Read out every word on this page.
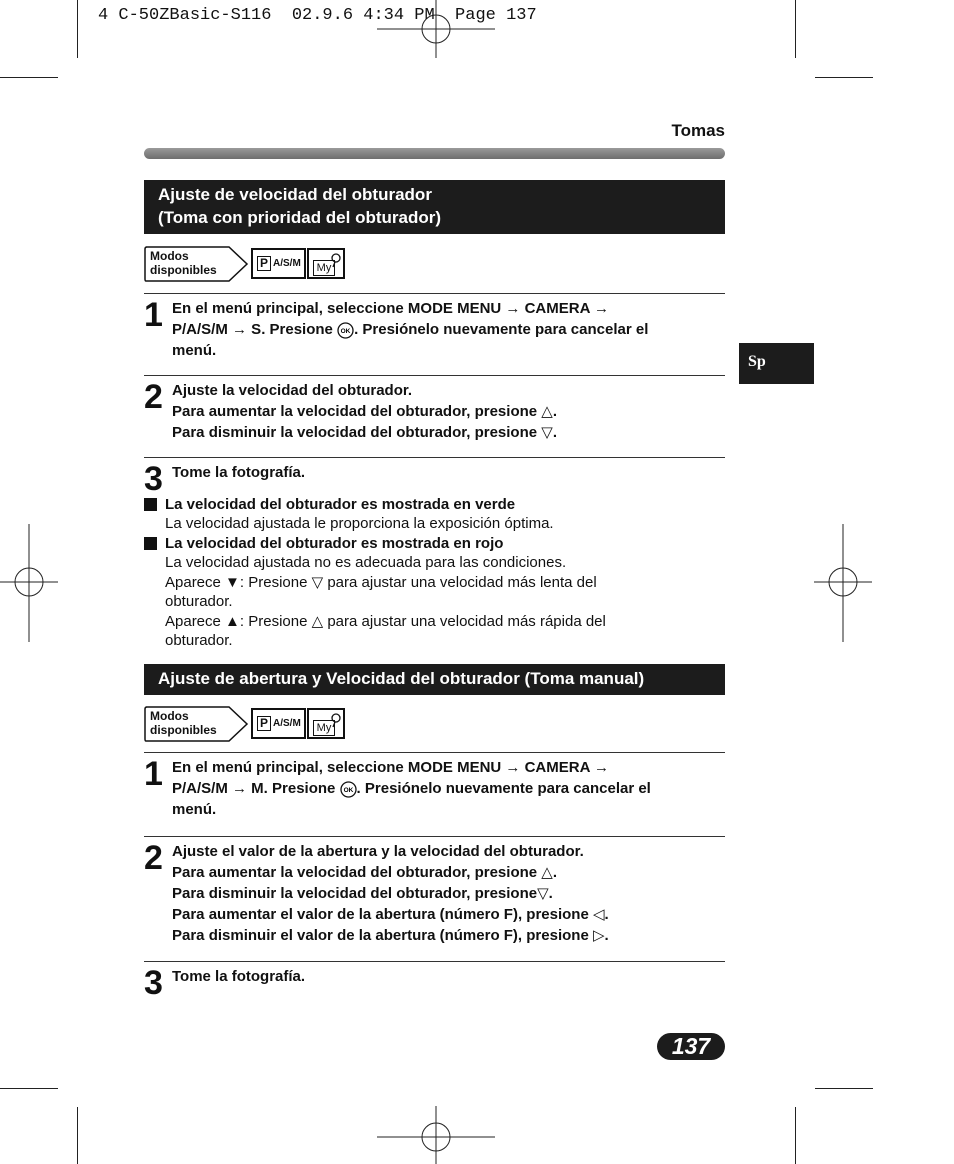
4 C-50ZBasic-S116  02.9.6 4:34 PM  Page 137
Tomas
Sp
Ajuste de velocidad del obturador
(Toma con prioridad del obturador)
Modos
disponibles	P A/S/M	My
1 En el menú principal, seleccione MODE MENU → CAMERA →
P/A/S/M → S. Presione OK . Presiónelo nuevamente para cancelar el
menú.
2 Ajuste la velocidad del obturador.
Para aumentar la velocidad del obturador, presione △.
Para disminuir la velocidad del obturador, presione ▽.
3 Tome la fotografía.
La velocidad del obturador es mostrada en verde
La velocidad ajustada le proporciona la exposición óptima.
La velocidad del obturador es mostrada en rojo
La velocidad ajustada no es adecuada para las condiciones.
Aparece ▼: Presione ▽ para ajustar una velocidad más lenta del
obturador.
Aparece ▲: Presione △ para ajustar una velocidad más rápida del
obturador.
Ajuste de abertura y Velocidad del obturador (Toma manual)
Modos
disponibles	P A/S/M	My
1 En el menú principal, seleccione MODE MENU → CAMERA →
P/A/S/M → M. Presione OK . Presiónelo nuevamente para cancelar el
menú.
2 Ajuste el valor de la abertura y la velocidad del obturador.
Para aumentar la velocidad del obturador, presione △.
Para disminuir la velocidad del obturador, presione▽.
Para aumentar el valor de la abertura (número F), presione ◁.
Para disminuir el valor de la abertura (número F), presione ▷.
3 Tome la fotografía.
137
